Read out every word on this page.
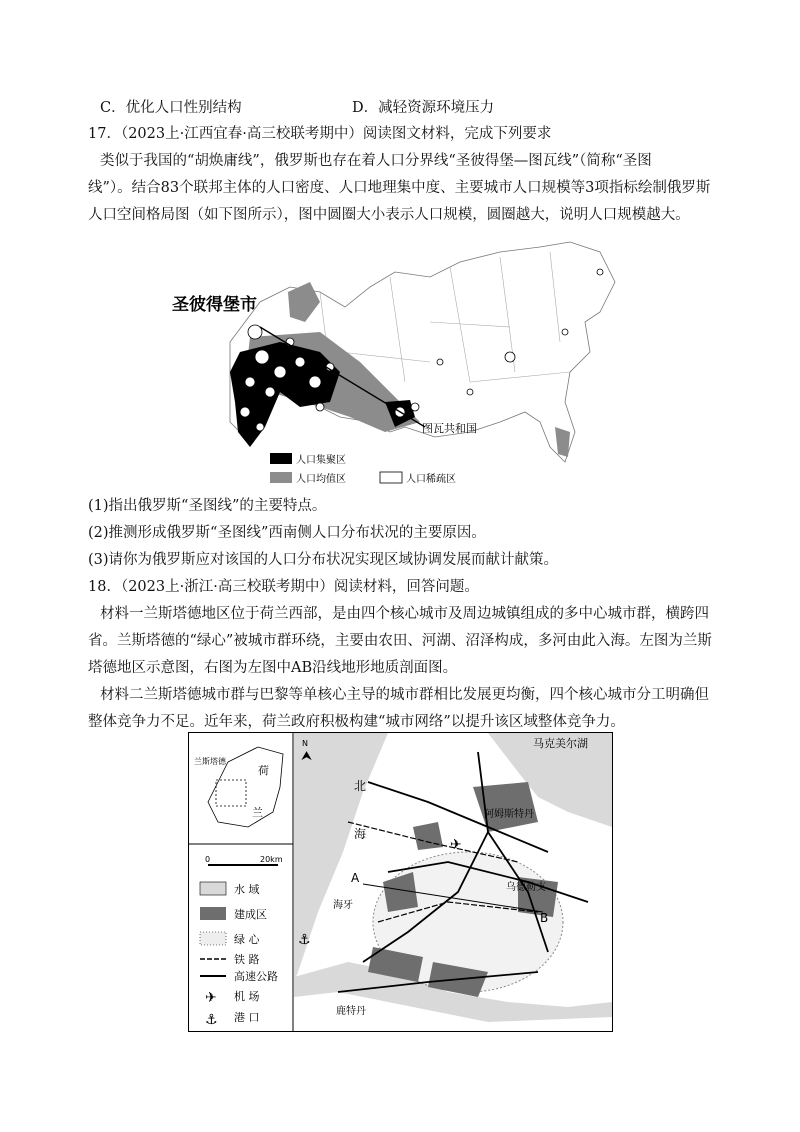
C．优化人口性别结构	D．减轻资源环境压力
17．（2023上·江西宜春·高三校联考期中）阅读图文材料，完成下列要求
类似于我国的“胡焕庸线”，俄罗斯也存在着人口分界线“圣彼得堡—图瓦线”（简称“圣图
线”）。结合83个联邦主体的人口密度、人口地理集中度、主要城市人口规模等3项指标绘制俄罗斯
人口空间格局图（如下图所示），图中圆圈大小表示人口规模，圆圈越大，说明人口规模越大。
圣彼得堡市
图瓦共和国
人口集聚区
人口均值区	人口稀疏区
(1)指出俄罗斯“圣图线”的主要特点。
(2)推测形成俄罗斯“圣图线”西南侧人口分布状况的主要原因。
(3)请你为俄罗斯应对该国的人口分布状况实现区域协调发展而献计献策。
18．（2023上·浙江·高三校联考期中）阅读材料，回答问题。
材料一兰斯塔德地区位于荷兰西部，是由四个核心城市及周边城镇组成的多中心城市群，横跨四
省。兰斯塔德的“绿心”被城市群环绕，主要由农田、河湖、沼泽构成，多河由此入海。左图为兰斯
塔德地区示意图，右图为左图中AB沿线地形地质剖面图。
材料二兰斯塔德城市群与巴黎等单核心主导的城市群相比发展更均衡，四个核心城市分工明确但
整体竞争力不足。近年来，荷兰政府积极构建“城市网络”以提升该区域整体竞争力。
兰斯塔德
荷
兰
0	20km
水 域
建成区
绿 心
铁 路
高速公路
✈ 机 场
⚓ 港 口
⮝
N
北
海
马克美尔湖
阿姆斯特丹
海牙
乌德勒支
鹿特丹
A
B
✈
⚓
